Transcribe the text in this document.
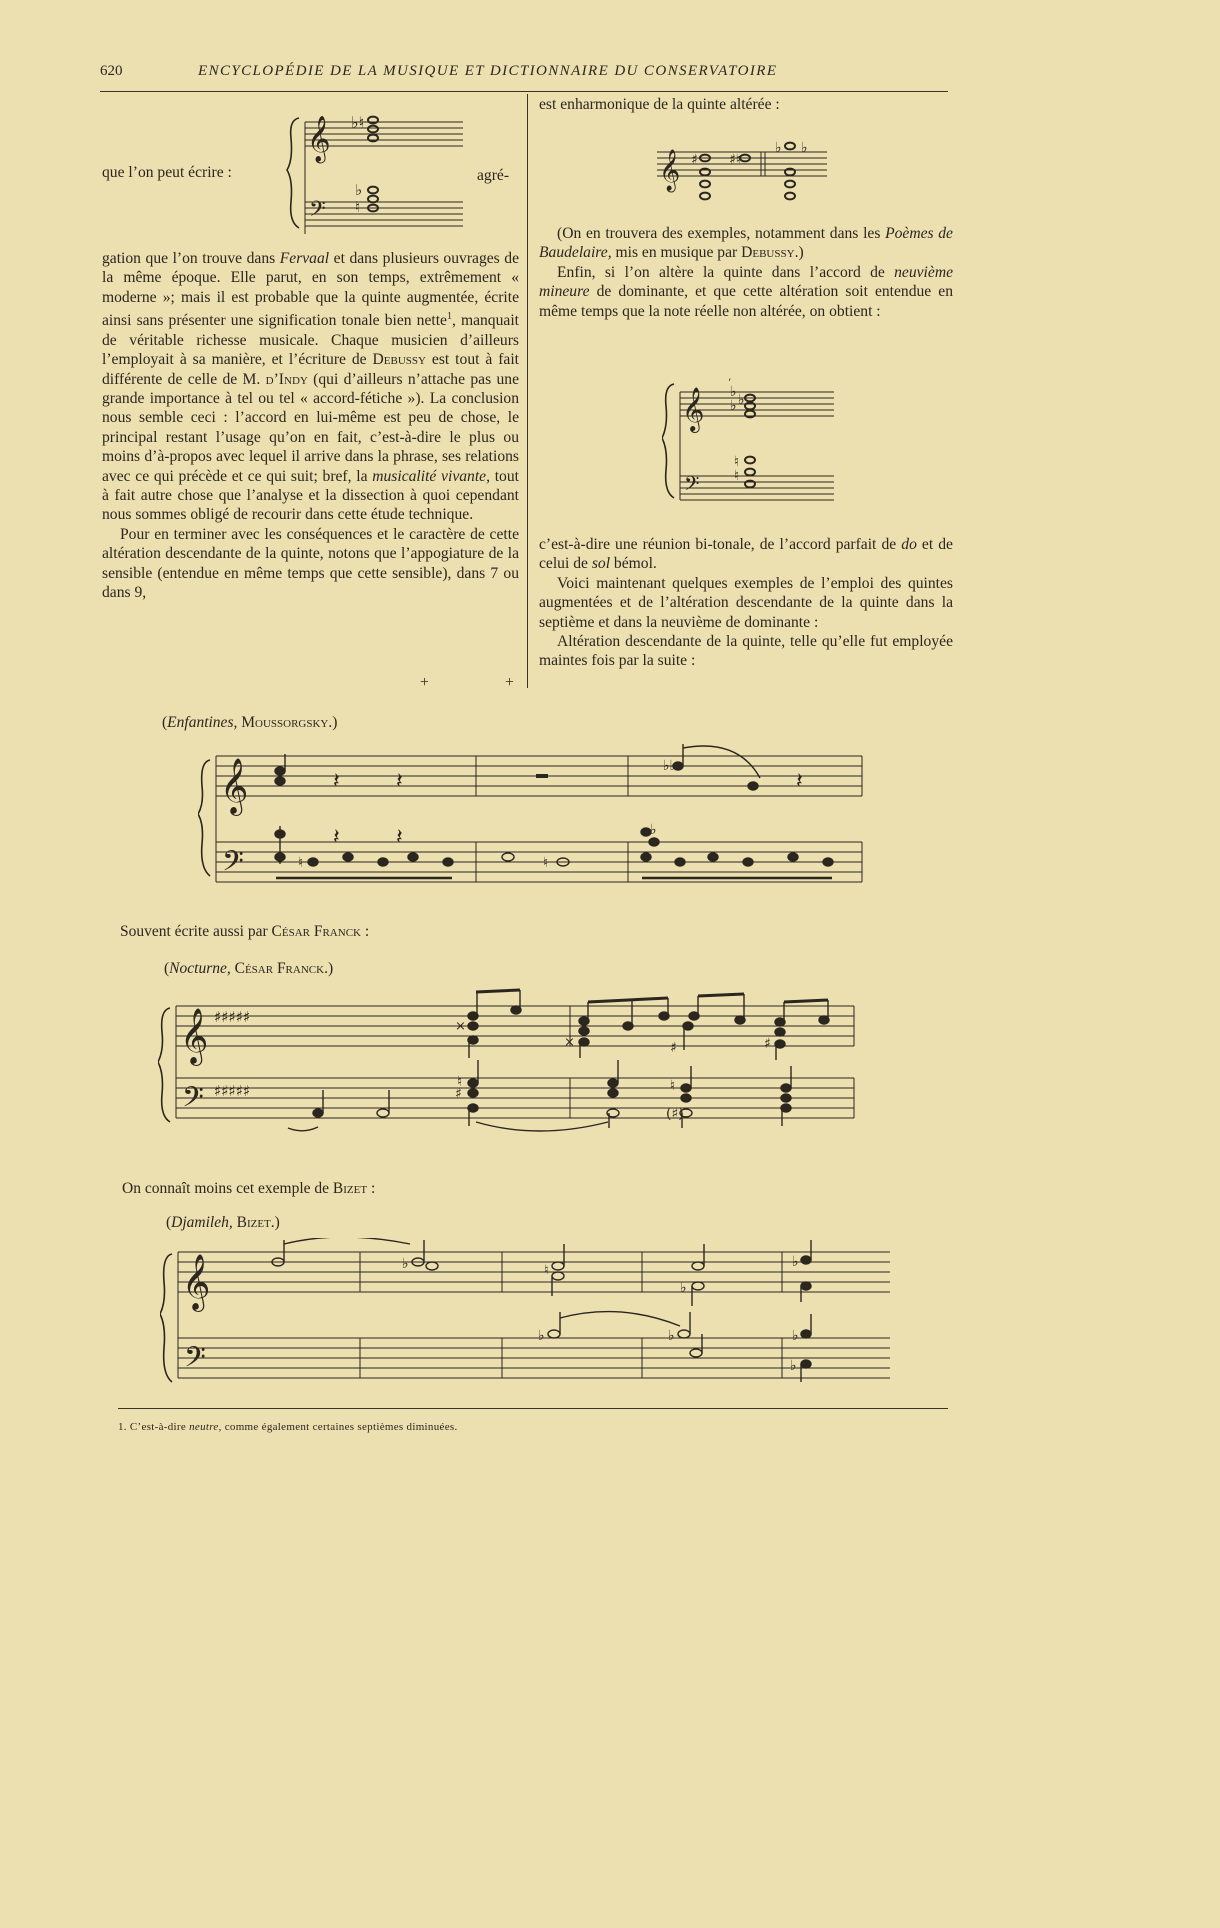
620	ENCYCLOPÉDIE DE LA MUSIQUE ET DICTIONNAIRE DU CONSERVATOIRE
que l’on peut écrire :	agré-
𝄞
𝄢
♭♮
♭
♮

gation que l’on trouve dans Fervaal et dans plusieurs ouvrages de la même époque. Elle parut, en son temps, extrêmement « moderne »; mais il est probable que la quinte augmentée, écrite ainsi sans présenter une signification tonale bien nette$^1$, manquait de véritable richesse musicale. Chaque musicien d’ailleurs l’employait à sa manière, et l’écriture de Debussy est tout à fait différente de celle de M. d’Indy (qui d’ailleurs n’attache pas une grande importance à tel ou tel « accord-fétiche »). La conclusion nous semble ceci : l’accord en lui-même est peu de chose, le principal restant l’usage qu’on en fait, c’est-à-dire le plus ou moins d’à-propos avec lequel il arrive dans la phrase, ses relations avec ce qui précède et ce qui suit; bref, la musicalité vivante, tout à fait autre chose que l’analyse et la dissection à quoi cependant nous sommes obligé de recourir dans cette étude technique.

Pour en terminer avec les conséquences et le caractère de cette altération descendante de la quinte, notons que l’appogiature de la sensible (entendue en même temps que cette sensible), dans 7 ou dans 9,

+	+
est enharmonique de la quinte altérée :
𝄞 ♯ ♯♮
♭ ♭

(On en trouvera des exemples, notamment dans les Poèmes de Baudelaire, mis en musique par Debussy.)

Enfin, si l’on altère la quinte dans l’accord de neuvième mineure de dominante, et que cette altération soit entendue en même temps que la note réelle non altérée, on obtient :

𝄞
𝄢
♭
♭ ♭
♮
♮
’

c’est-à-dire une réunion bi-tonale, de l’accord parfait de do et de celui de sol bémol.

Voici maintenant quelques exemples de l’emploi des quintes augmentées et de l’altération descendante de la quinte dans la septième et dans la neuvième de dominante :

Altération descendante de la quinte, telle qu’elle fut employée maintes fois par la suite :

(Enfantines, Moussorgsky.)
𝄞
𝄢
𝄽	𝄽
♭♭
𝄽
𝄽	𝄽
♮	♮
♭
Souvent écrite aussi par César Franck :
(Nocturne, César Franck.)
𝄞
𝄢
♯♯♯♯♯
♯♯♯♯♯
×
×	♯	♯
♮
♯	♮
(♯)
On connaît moins cet exemple de Bizet :
(Djamileh, Bizet.)
𝄞
𝄢
♭	♮
♭
♭
♭	♭	♭
♭
1. C’est-à-dire neutre, comme également certaines septièmes diminuées.
